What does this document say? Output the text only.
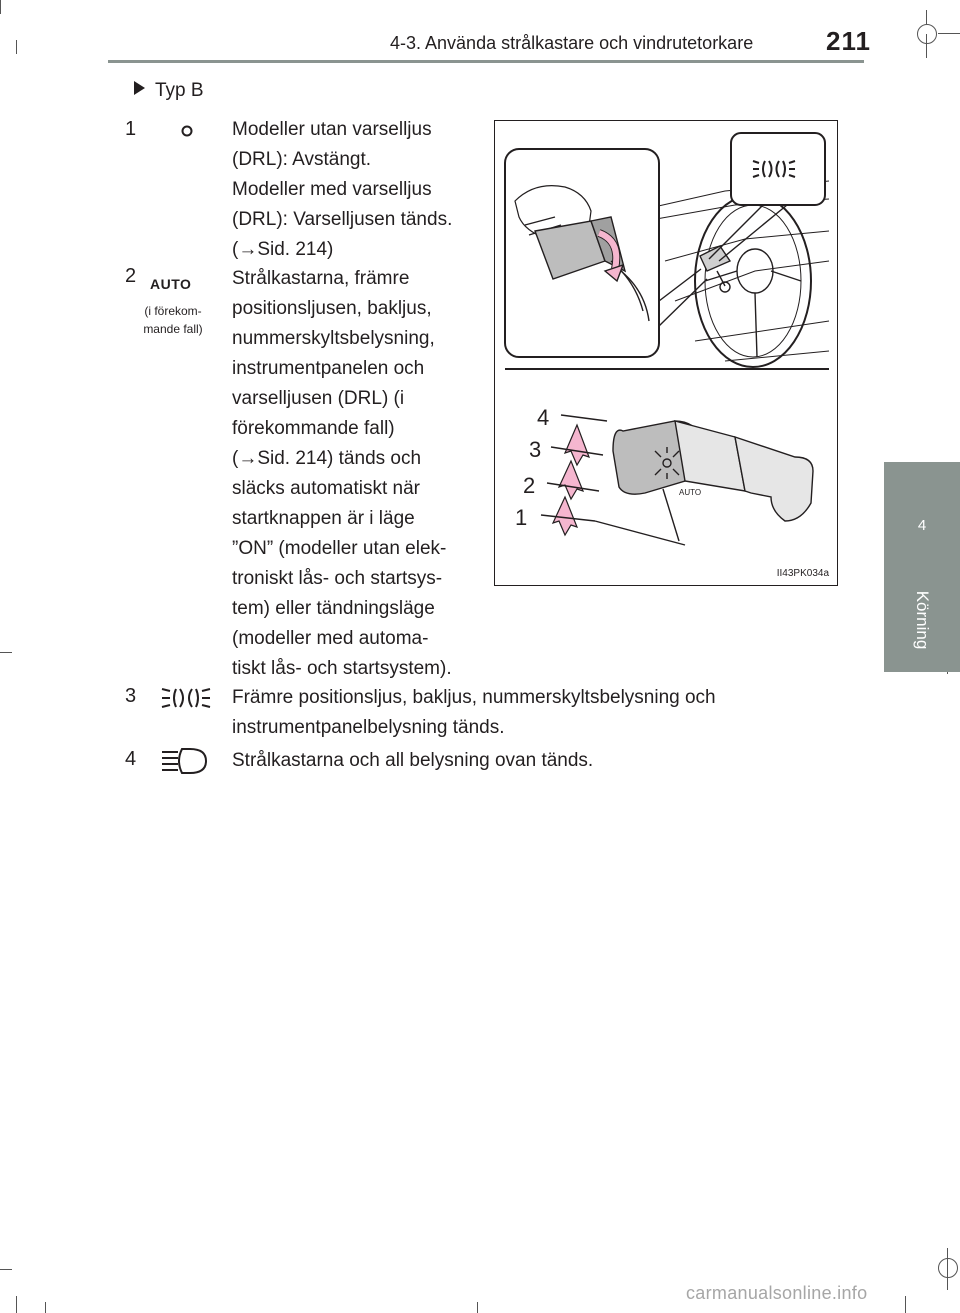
4-3. Använda strålkastare och vindrutetorkare	211
4
Körning
Typ B
1	Modeller utan varselljus
(DRL): Avstängt.
Modeller med varselljus
(DRL): Varselljusen tänds.
(→Sid. 214)

2 AUTO
(i förekom-
mande fall)

Strålkastarna, främre
positionsljusen, bakljus,
nummerskyltsbelysning,
instrumentpanelen och
varselljusen (DRL) (i
förekommande fall)
(→Sid. 214) tänds och
släcks automatiskt när
startknappen är i läge
”ON” (modeller utan elek-
troniskt lås- och startsys-
tem) eller tändningsläge
(modeller med automa-
tiskt lås- och startsystem).

3	Främre positionsljus, bakljus, nummerskyltsbelysning och
instrumentpanelbelysning tänds.

4	Strålkastarna och all belysning ovan tänds.

AUTO
4
3
2
1
II43PK034a
carmanualsonline.info
